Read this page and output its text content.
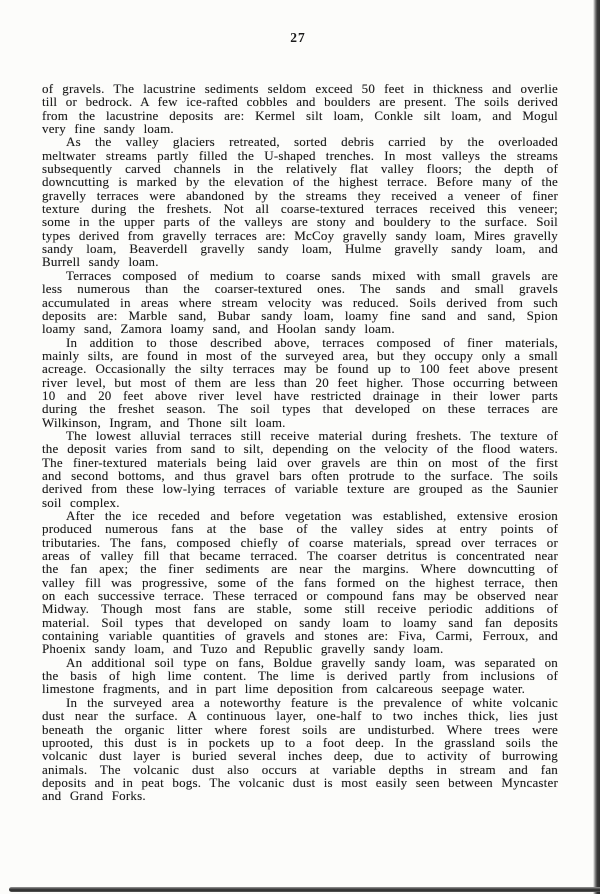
27

of gravels. The lacustrine sediments seldom exceed 50 feet in thickness and overlie till or bedrock. A few ice-rafted cobbles and boulders are present. The soils derived from the lacustrine deposits are: Kermel silt loam, Conkle silt loam, and Mogul very fine sandy loam.

As the valley glaciers retreated, sorted debris carried by the overloaded meltwater streams partly filled the U-shaped trenches. In most valleys the streams subsequently carved channels in the relatively flat valley floors; the depth of downcutting is marked by the elevation of the highest terrace. Before many of the gravelly terraces were abandoned by the streams they received a veneer of finer texture during the freshets. Not all coarse-textured terraces received this veneer; some in the upper parts of the valleys are stony and bouldery to the surface. Soil types derived from gravelly terraces are: McCoy gravelly sandy loam, Mires gravelly sandy loam, Beaverdell gravelly sandy loam, Hulme gravelly sandy loam, and Burrell sandy loam.

Terraces composed of medium to coarse sands mixed with small gravels are less numerous than the coarser-textured ones. The sands and small gravels accumulated in areas where stream velocity was reduced. Soils derived from such deposits are: Marble sand, Bubar sandy loam, loamy fine sand and sand, Spion loamy sand, Zamora loamy sand, and Hoolan sandy loam.

In addition to those described above, terraces composed of finer materials, mainly silts, are found in most of the surveyed area, but they occupy only a small acreage. Occasionally the silty terraces may be found up to 100 feet above present river level, but most of them are less than 20 feet higher. Those occurring between 10 and 20 feet above river level have restricted drainage in their lower parts during the freshet season. The soil types that developed on these terraces are Wilkinson, Ingram, and Thone silt loam.

The lowest alluvial terraces still receive material during freshets. The texture of the deposit varies from sand to silt, depending on the velocity of the flood waters. The finer-textured materials being laid over gravels are thin on most of the first and second bottoms, and thus gravel bars often protrude to the surface. The soils derived from these low-lying terraces of variable texture are grouped as the Saunier soil complex.

After the ice receded and before vegetation was established, extensive erosion produced numerous fans at the base of the valley sides at entry points of tributaries. The fans, composed chiefly of coarse materials, spread over terraces or areas of valley fill that became terraced. The coarser detritus is concentrated near the fan apex; the finer sediments are near the margins. Where downcutting of valley fill was progressive, some of the fans formed on the highest terrace, then on each successive terrace. These terraced or compound fans may be observed near Midway. Though most fans are stable, some still receive periodic additions of material. Soil types that developed on sandy loam to loamy sand fan deposits containing variable quantities of gravels and stones are: Fiva, Carmi, Ferroux, and Phoenix sandy loam, and Tuzo and Republic gravelly sandy loam.

An additional soil type on fans, Boldue gravelly sandy loam, was separated on the basis of high lime content. The lime is derived partly from inclusions of limestone fragments, and in part lime deposition from calcareous seepage water.

In the surveyed area a noteworthy feature is the prevalence of white volcanic dust near the surface. A continuous layer, one-half to two inches thick, lies just beneath the organic litter where forest soils are undisturbed. Where trees were uprooted, this dust is in pockets up to a foot deep. In the grassland soils the volcanic dust layer is buried several inches deep, due to activity of burrowing animals. The volcanic dust also occurs at variable depths in stream and fan deposits and in peat bogs. The volcanic dust is most easily seen between Myncaster and Grand Forks.
